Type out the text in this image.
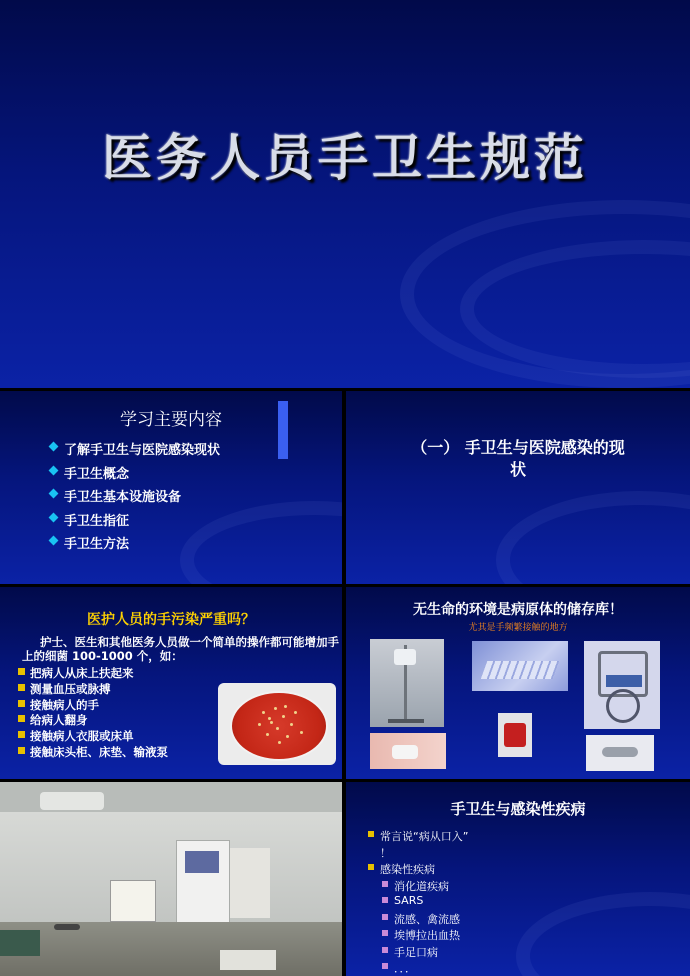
医务人员手卫生规范
学习主要内容
了解手卫生与医院感染现状
手卫生概念
手卫生基本设施设备
手卫生指征
手卫生方法
（一） 手卫生与医院感染的现
状
医护人员的手污染严重吗？
护士、医生和其他医务人员做一个简单的操作都可能增加手上的细菌 100-1000 个，如：
把病人从床上扶起来
测量血压或脉搏
接触病人的手
给病人翻身
接触病人衣服或床单
接触床头柜、床垫、输液泵
无生命的环境是病原体的储存库！
尤其是手频繁接触的地方
手卫生与感染性疾病
常言说“病从口入”
！
感染性疾病
消化道疾病
SARS
流感、禽流感
埃博拉出血热
手足口病
．．．
